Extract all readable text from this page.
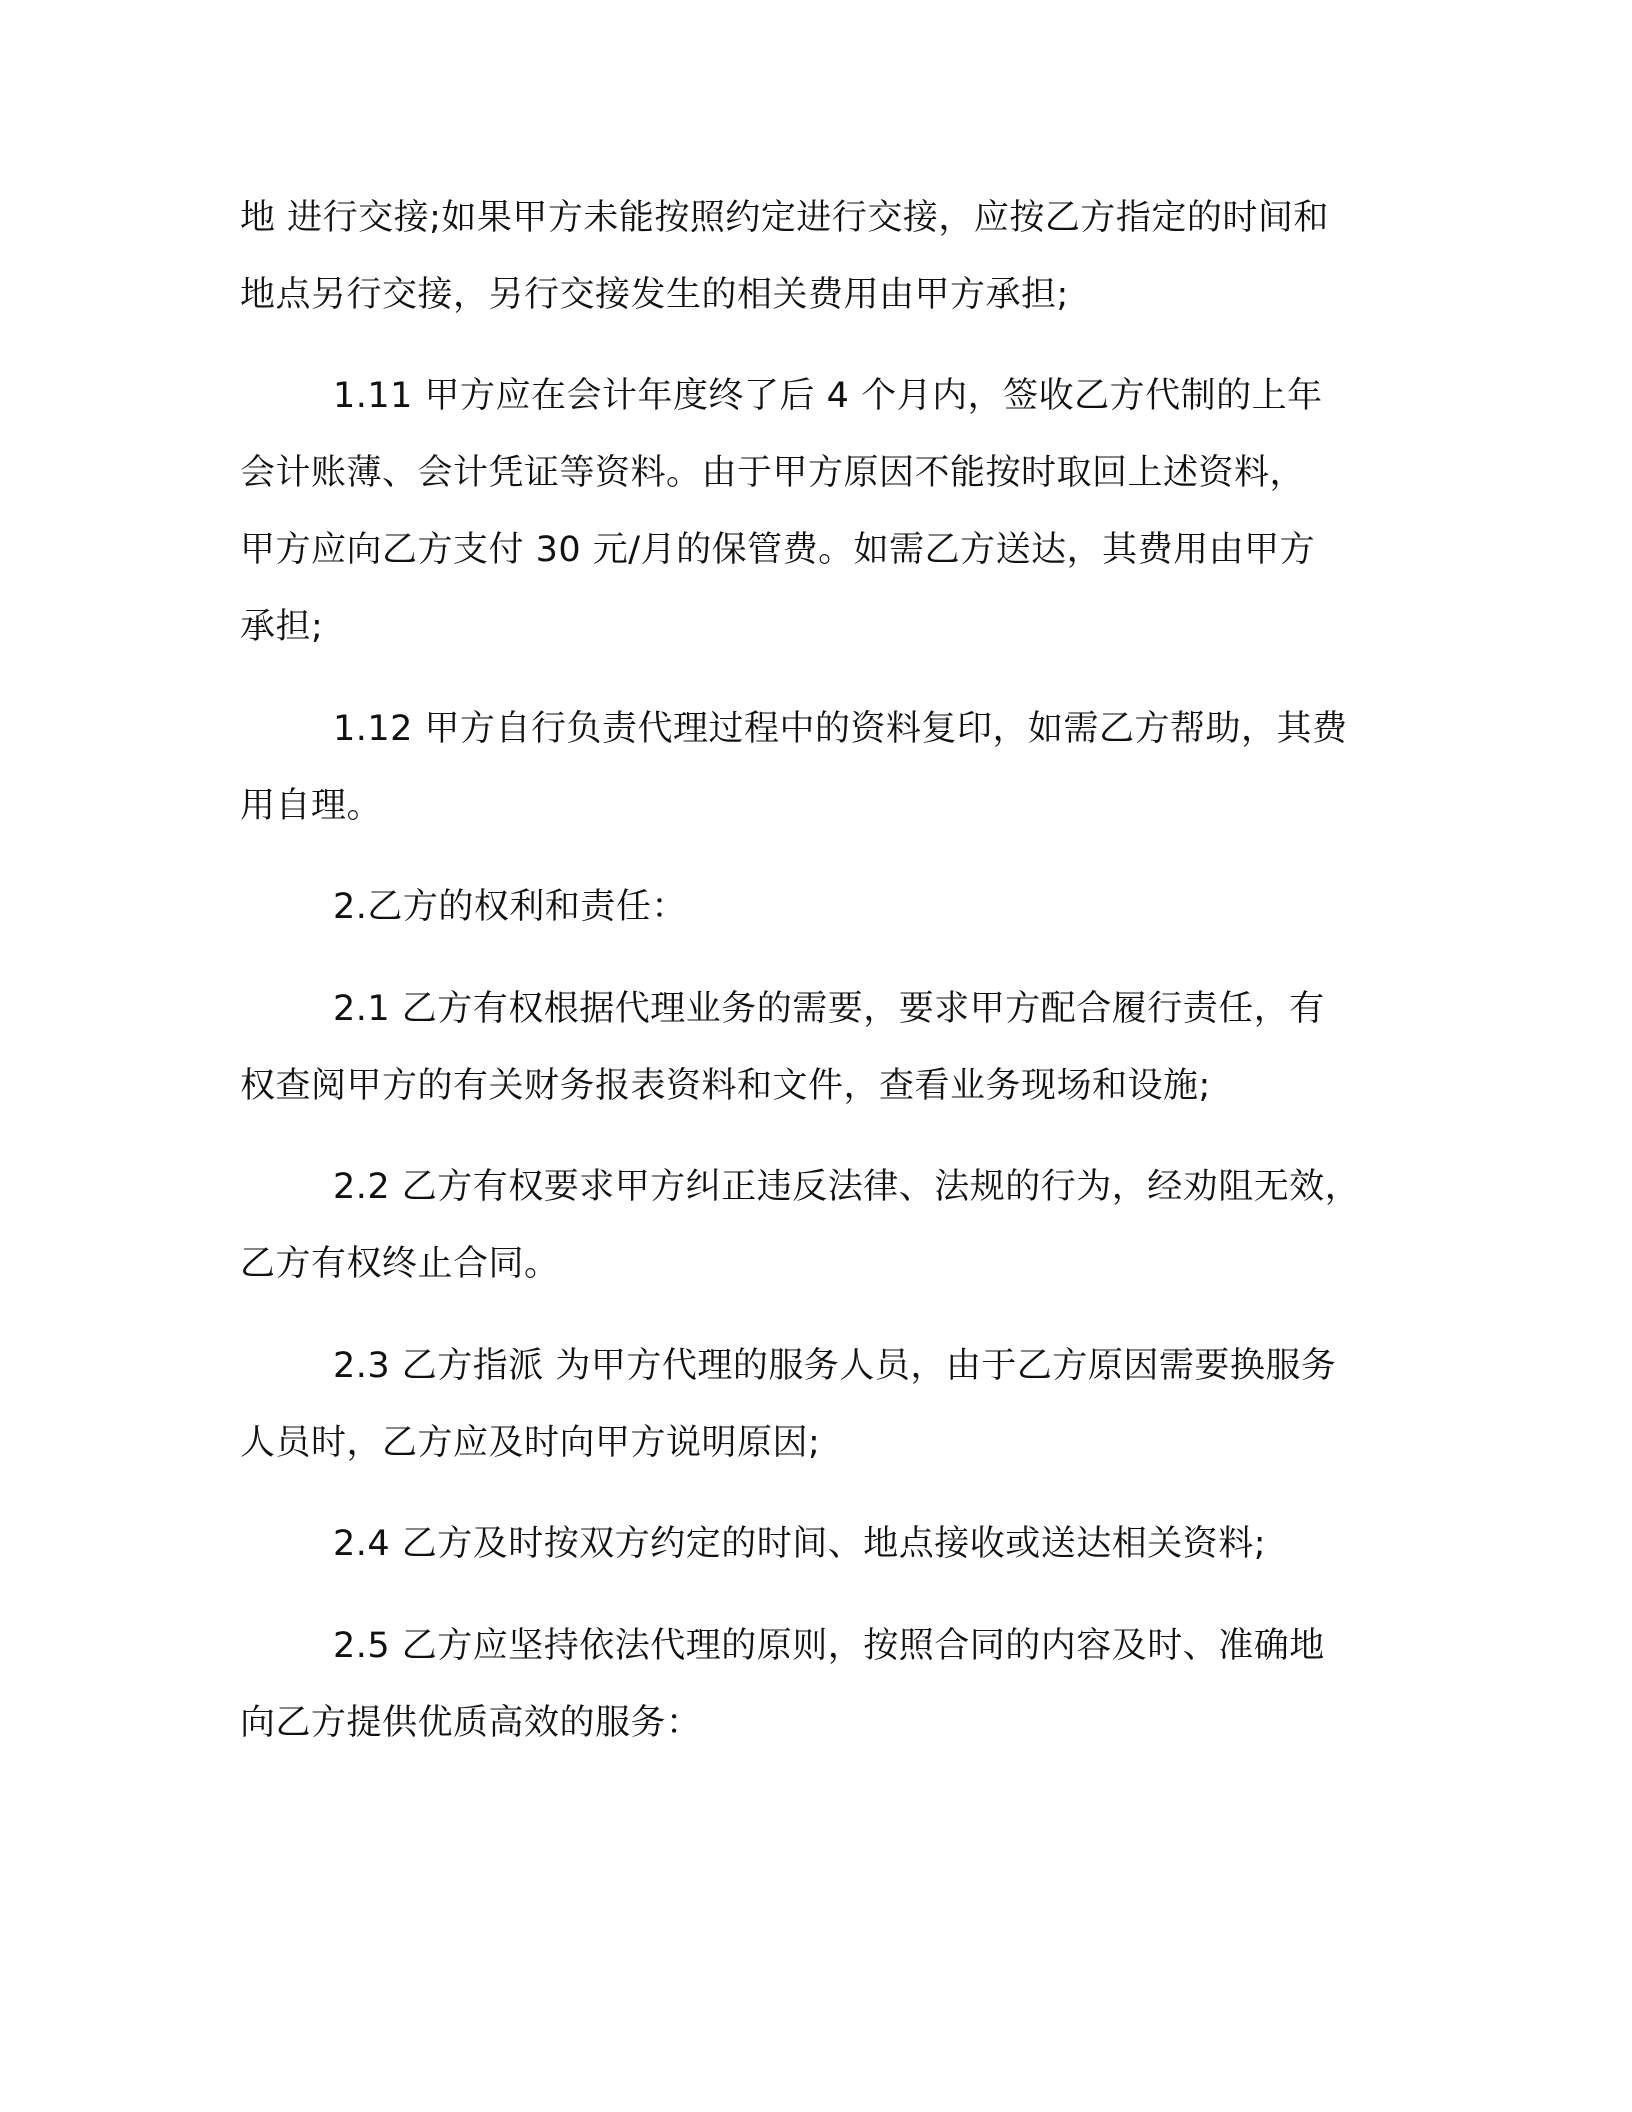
地 进行交接;如果甲方未能按照约定进行交接，应按乙方指定的时间和

地点另行交接，另行交接发生的相关费用由甲方承担;

1.11 甲方应在会计年度终了后 4 个月内，签收乙方代制的上年

会计账薄、会计凭证等资料。由于甲方原因不能按时取回上述资料，

甲方应向乙方支付 30 元/月的保管费。如需乙方送达，其费用由甲方

承担;

1.12 甲方自行负责代理过程中的资料复印，如需乙方帮助，其费

用自理。

2.乙方的权利和责任：

2.1 乙方有权根据代理业务的需要，要求甲方配合履行责任，有

权查阅甲方的有关财务报表资料和文件，查看业务现场和设施;

2.2 乙方有权要求甲方纠正违反法律、法规的行为，经劝阻无效，

乙方有权终止合同。

2.3 乙方指派 为甲方代理的服务人员，由于乙方原因需要换服务

人员时，乙方应及时向甲方说明原因;

2.4 乙方及时按双方约定的时间、地点接收或送达相关资料;

2.5 乙方应坚持依法代理的原则，按照合同的内容及时、准确地

向乙方提供优质高效的服务：
